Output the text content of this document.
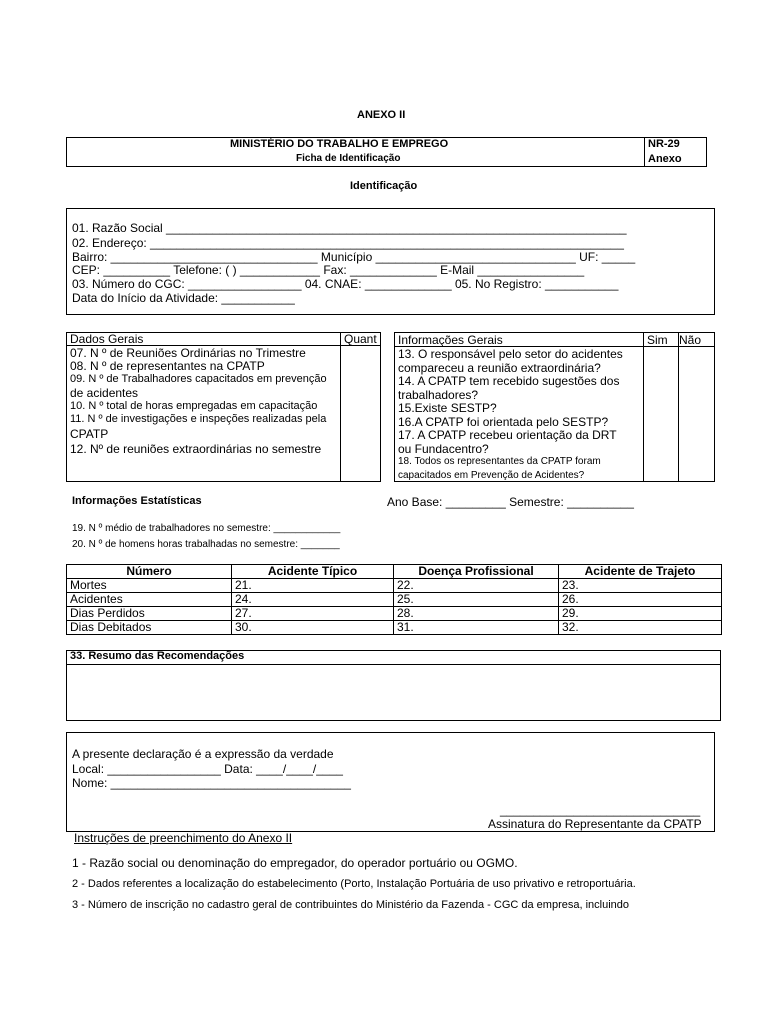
ANEXO II
MINISTÉRIO DO TRABALHO E EMPREGO
Ficha de Identificação
NR-29
Anexo
Identificação
01. Razão Social _____________________________________________________________________
02. Endereço: _______________________________________________________________________
Bairro: _______________________________ Município ______________________________ UF: _____
CEP: __________ Telefone: ( ) ____________ Fax: _____________ E-Mail ________________
03. Número do CGC: _________________ 04. CNAE: _____________ 05. No Registro: ___________
Data do Início da Atividade: ___________
Dados Gerais	Quant
07. N º de Reuniões Ordinárias no Trimestre
08. N º de representantes na CPATP
09. N º de Trabalhadores capacitados em prevenção
de acidentes
10. N º total de horas empregadas em capacitação
11. N º de investigações e inspeções realizadas pela
CPATP
12. Nº de reuniões extraordinárias no semestre
Informações Gerais	Sim Não
13. O responsável pelo setor do acidentes
compareceu a reunião extraordinária?
14. A CPATP tem recebido sugestões dos
trabalhadores?
15.Existe SESTP?
16.A CPATP foi orientada pelo SESTP?
17. A CPATP recebeu orientação da DRT
ou Fundacentro?
18. Todos os representantes da CPATP foram
capacitados em Prevenção de Acidentes?
Informações Estatísticas	Ano Base: _________ Semestre: __________
19. N º médio de trabalhadores no semestre: ____________
20. N º de homens horas trabalhadas no semestre: _______
Número	Acidente Típico	Doença Profissional	Acidente de Trajeto
Mortes	21.	22.	23.
Acidentes	24.	25.	26.
Dias Perdidos	27.	28.	29.
Dias Debitados	30.	31.	32.
33. Resumo das Recomendações
A presente declaração é a expressão da verdade
Local: _________________ Data: ____/____/____
Nome: ____________________________________
______________________________
Assinatura do Representante da CPATP
Instruções de preenchimento do Anexo II
1 - Razão social ou denominação do empregador, do operador portuário ou OGMO.
2 - Dados referentes a localização do estabelecimento (Porto, Instalação Portuária de uso privativo e retroportuária.
3 - Número de inscrição no cadastro geral de contribuintes do Ministério da Fazenda - CGC da empresa, incluindo
